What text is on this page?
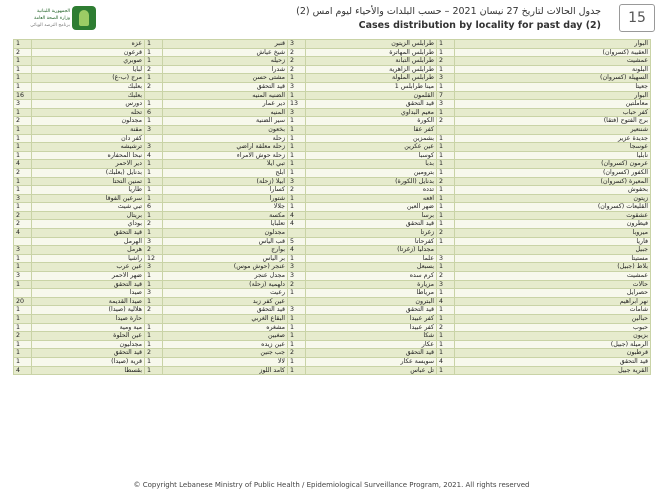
الجمهورية اللبنانية
وزارة الصحة العامة
برنامج الترصد الوبائي
جدول الحالات لتاريخ 27 نيسان 2021 – حسب البلدات والأحياء ليوم امس (2)
Cases distribution by locality for past day (2) 15
1	عزه	1	قنبر	3	طرابلس الزيتون	1	البوار
2	قرعون	1	شيخ عياش	2	طرابلس المهاترة	1	العقيبة (كسروان)
1	صوبري	1	زحيله	2	طرابلس التبانة	2	عمشيت
1	لبايا	2	شدرا	2	طرابلس الزاهرية	1	البلونة
1	مرج (ب-غ)	1	مشتى حسن	1	طرابلس الملولة	3	السهيلة (كسروان)
1	بعلبك	2	قيد التحقق	3	مينا طرابلس 1	1	جعيتا
16	بعلبك		الضنيه المنيه	1	القلمون	7	البوار
3	دورس	1	دير عمار	13	قيد التحقق	3	معاملتين
1	تحله	6	المنيه	3	معيم البداوي	1	كفر حباب
2	مجدلون	1	سير الضنية	1	الكورة	2	برج الفتوح (فتقا)
1	مقنة	3	بخعون	1	كفر عقا		شننعير
1	كفر دان		زحلة	1	بشمزين	1	جديدة عزير
1	ترشيشه	3	زحلة معلقة أراضي	1	عين عكرين	1	عوسجا
1	نبحا المحفاره	4	زحلة حوش الامراء	1	كوسبا	1	نابليا
4	دير الاحمر	1	تبي ايلا	1	بدبا	1	عرمون (كسروان)
2	بدنايل (بعلبك)	1	أبلح	1	بترومين	1	الكفور (كسروان)
1	تمنين التحتا	1	ابيلا (زحلة)	3	بدنايل (الكورة)	2	المعيرة (كسروان)
1	طاريا	1	كسارا	2	تدده	1	بحفوش
3	سرعين الفوقا	1	شتورا	1	أفعه	1	زيتون
1	تبي شيث	6	جلالا	1	ضهر العين	1	القليعات (كسروان)
2	بريتال	1	مكسة	4	برسا	1	عشقوت
2	بوداي	2	تعلبايا	4	قيد التحقق	1	فيطرون
4	قيد التحقق	1	مجدلون		زغرتا	2	ميروبا
	الهرمل	3	قب الياس	5	كفرحاتا	1	فاريا
3	هرمل	2	بوارج	4	مجدليا (زغرتا)		جبيل
1	راشيا	12	بر الياس	1	علما	3	مستيتا
1	عين عرب	3	عنجر (حوش موس)	3	بسبعل	1	بلاط (جبيل)
3	ضهر الاحمر	1	مجدل عنجر	3	كرم سده	2	عمشيت
1	قيد التحقق	1	دلهمية (زحلة)	2	مزيارة	3	حالات
	صيدا	3	رعيت	1	مرياطا	1	حصرايل
20	صيدا القديمة	1	عين كفر زبد		البترون	4	نهر ابراهيم
1	هلالية (صيدا)	2	قيد التحقق	3	قيد التحقق	1	شامات
1	حارة صيدا		البقاع الغربي	1	كفر عبيدا	1	حبالين
1	مية ومية	1	مشغره	1	كفر عبيدا	2	حبوب
2	عين الحلوة	1	صغبين	1	شكا	1	بزيون
1	مجدليون	1	عين زيده	1	عكار	1	الرميلة (جبيل)
1	قيد التحقق	2	جب جنين	2	قيد التحقق	1	قرطبون
1	قرية (صيدا)	1	لالا	1	سويسة عكار	4	قيد التحقق
4	بقسطا	1	كامد اللوز	1	تل عباس	1	القرية جبيل
© Copyright Lebanese Ministry of Public Health / Epidemiological Surveillance Program, 2021. All rights reserved
